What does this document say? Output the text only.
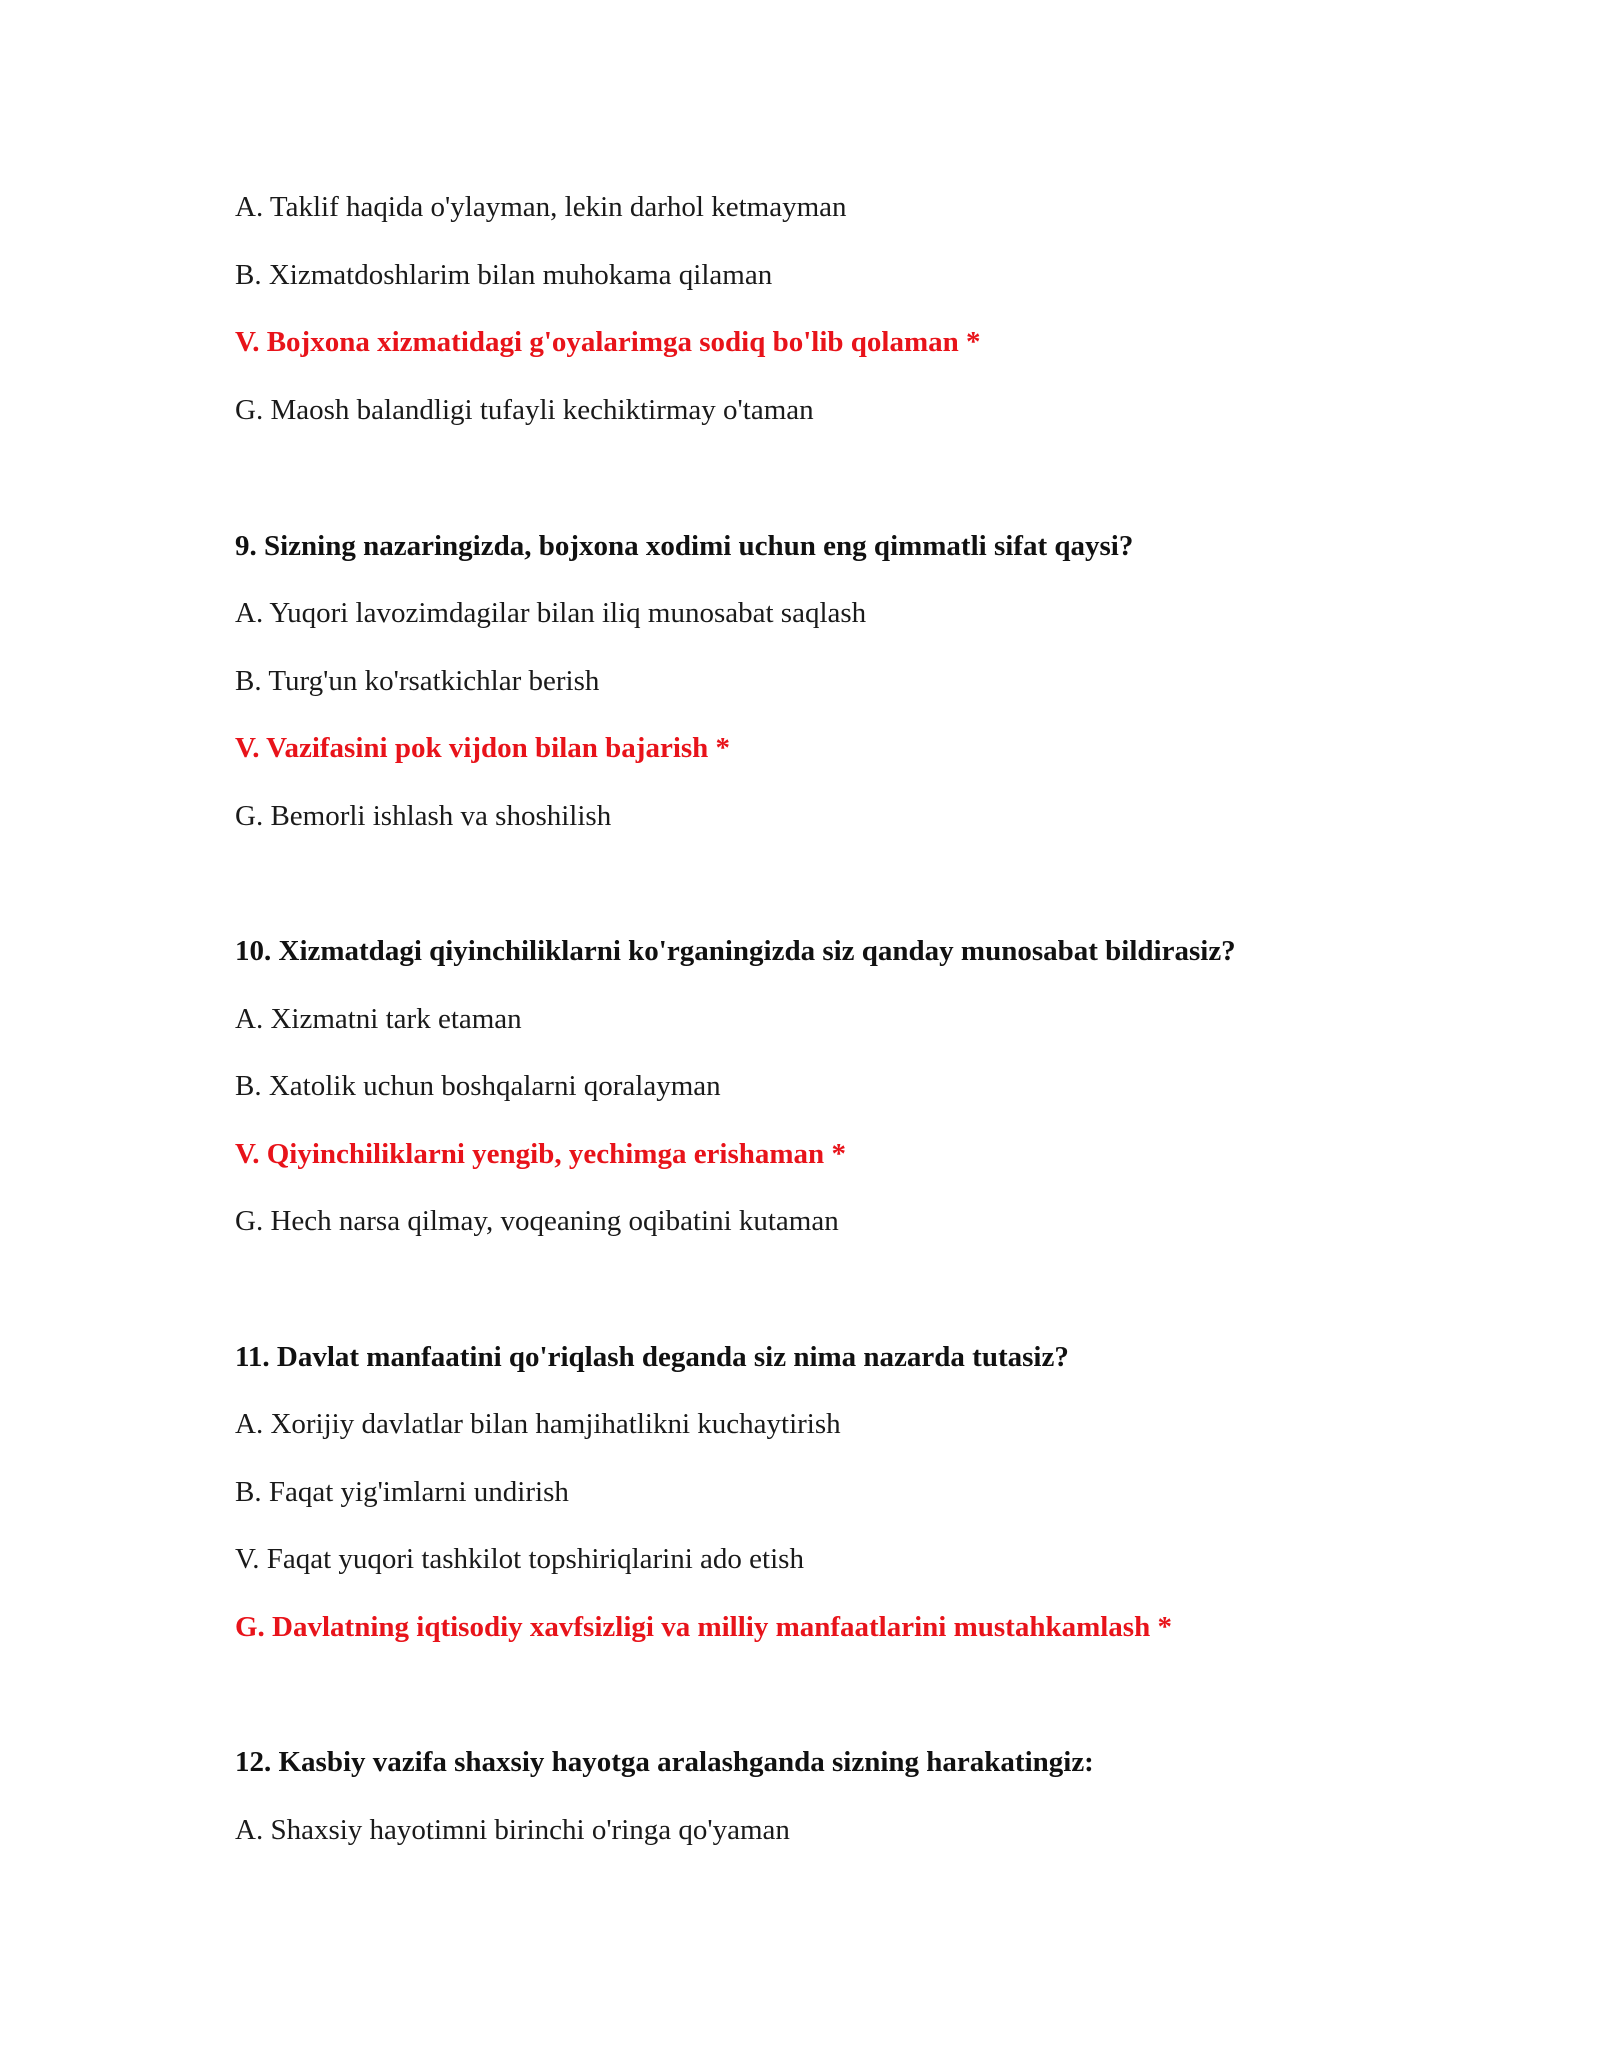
A. Taklif haqida o'ylayman, lekin darhol ketmayman
B. Xizmatdoshlarim bilan muhokama qilaman
V. Bojxona xizmatidagi g'oyalarimga sodiq bo'lib qolaman *
G. Maosh balandligi tufayli kechiktirmay o'taman
9. Sizning nazaringizda, bojxona xodimi uchun eng qimmatli sifat qaysi?
A. Yuqori lavozimdagilar bilan iliq munosabat saqlash
B. Turg'un ko'rsatkichlar berish
V. Vazifasini pok vijdon bilan bajarish *
G. Bemorli ishlash va shoshilish
10. Xizmatdagi qiyinchiliklarni ko'rganingizda siz qanday munosabat bildirasiz?
A. Xizmatni tark etaman
B. Xatolik uchun boshqalarni qoralayman
V. Qiyinchiliklarni yengib, yechimga erishaman *
G. Hech narsa qilmay, voqeaning oqibatini kutaman
11. Davlat manfaatini qo'riqlash deganda siz nima nazarda tutasiz?
A. Xorijiy davlatlar bilan hamjihatlikni kuchaytirish
B. Faqat yig'imlarni undirish
V. Faqat yuqori tashkilot topshiriqlarini ado etish
G. Davlatning iqtisodiy xavfsizligi va milliy manfaatlarini mustahkamlash *
12. Kasbiy vazifa shaxsiy hayotga aralashganda sizning harakatingiz:
A. Shaxsiy hayotimni birinchi o'ringa qo'yaman
